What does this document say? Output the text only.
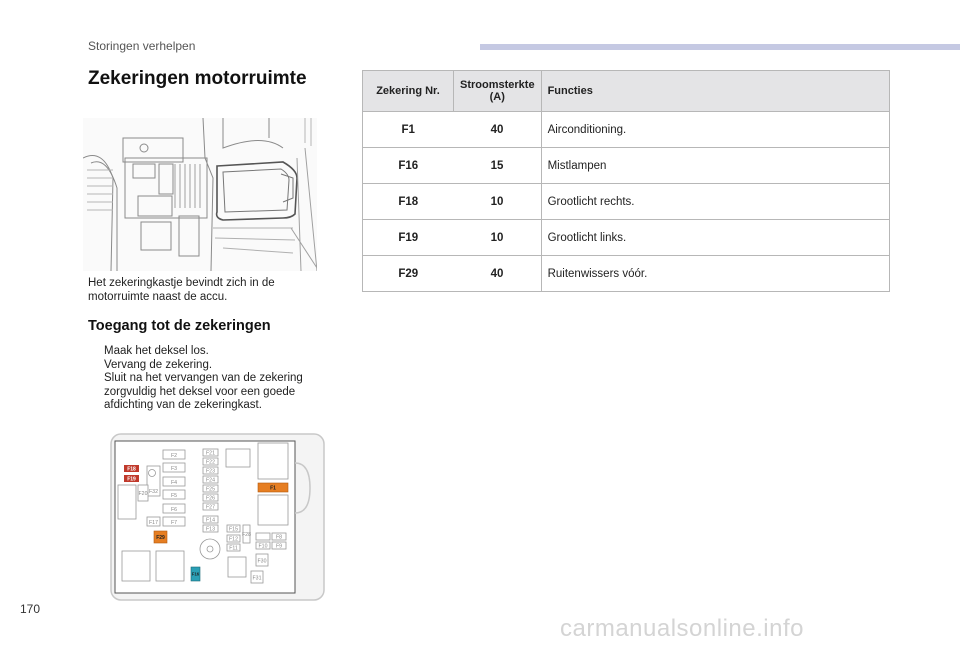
Storingen verhelpen
Zekeringen motorruimte

Het zekeringkastje bevindt zich in de motorruimte naast de accu.

Toegang tot de zekeringen
Maak het deksel los.
Vervang de zekering.
Sluit na het vervangen van de zekering zorgvuldig het deksel voor een goede afdichting van de zekeringkast.
F2
F3
F4
F5
F6
F7
F17
F21
F22
F23
F24
F25
F26
F27
F14
F13	F15
F12
F11
F28	F8
F9
F10
F30
F31
F20 F32
F18
F19
F1
F29
F16
Zekering Nr.	Stroomsterkte (A)	Functies
F1	40	Airconditioning.
F16	15	Mistlampen
F18	10	Grootlicht rechts.
F19	10	Grootlicht links.
F29	40	Ruitenwissers vóór.
170
carmanualsonline.info
